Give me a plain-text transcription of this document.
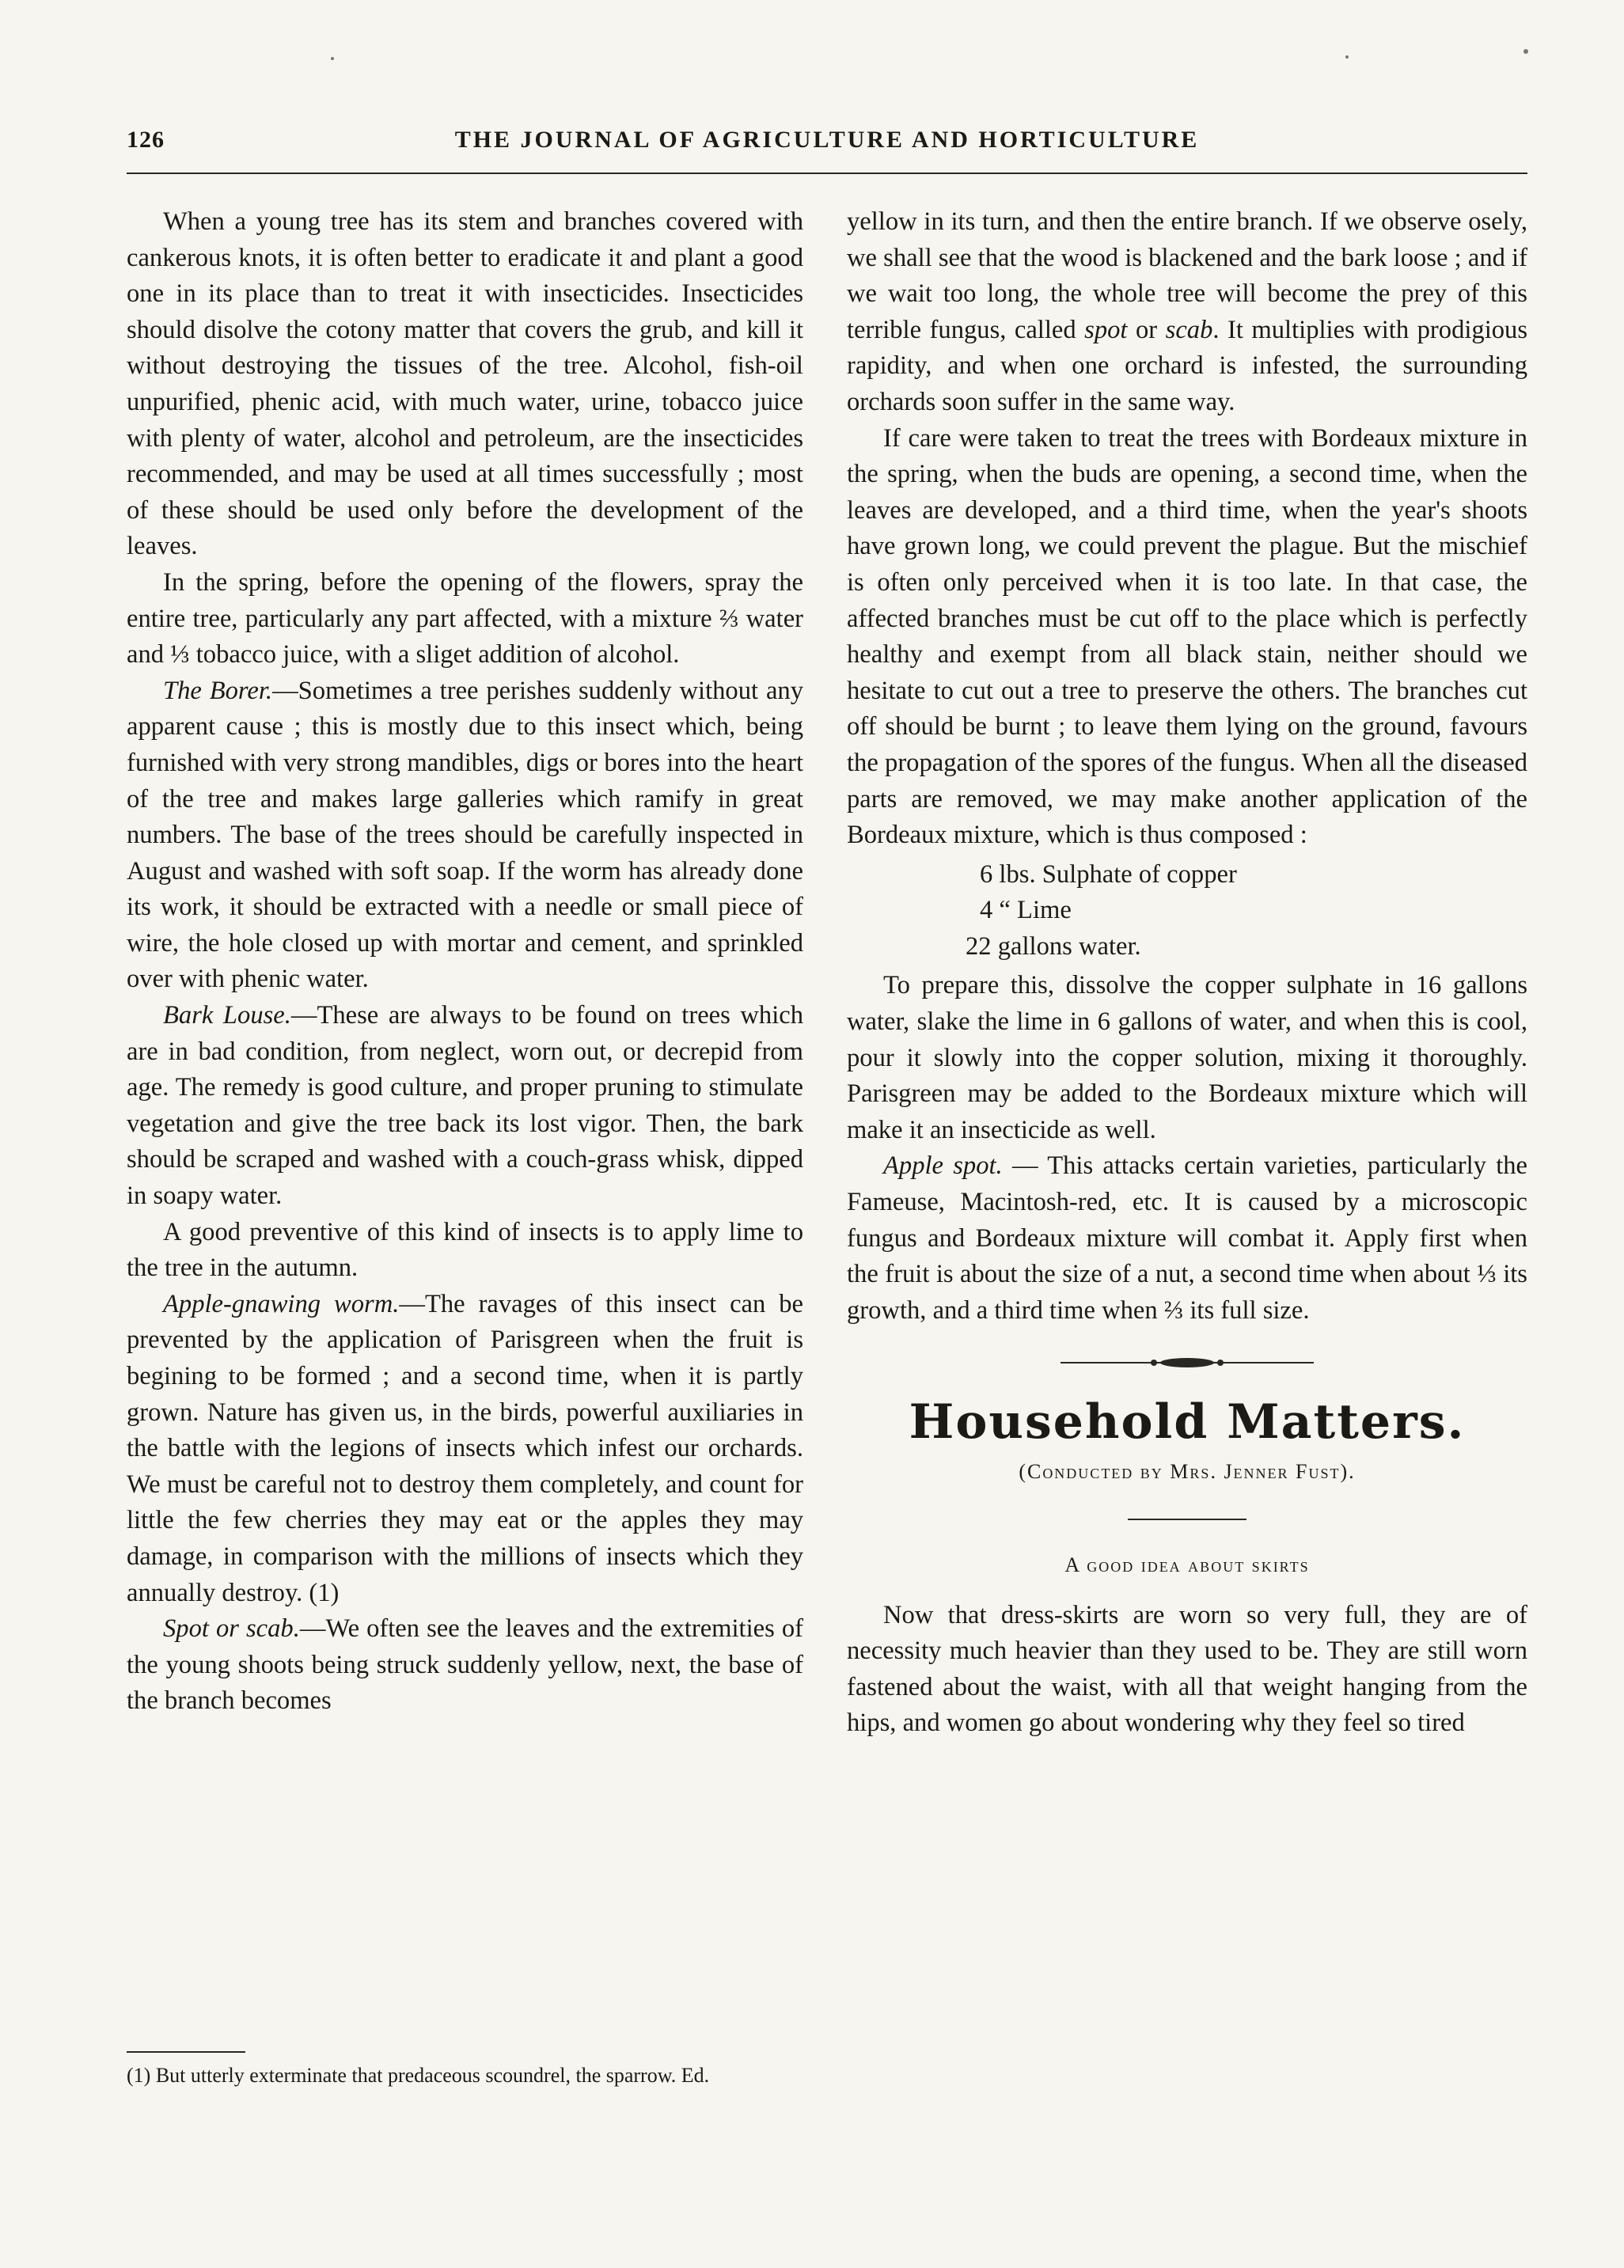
126	THE JOURNAL OF AGRICULTURE AND HORTICULTURE

When a young tree has its stem and branches covered with cankerous knots, it is often better to eradicate it and plant a good one in its place than to treat it with insecticides. Insecticides should disolve the cotony matter that covers the grub, and kill it without destroying the tissues of the tree. Alcohol, fish-oil unpurified, phenic acid, with much water, urine, tobacco juice with plenty of water, alcohol and petroleum, are the insecticides recommended, and may be used at all times successfully ; most of these should be used only before the development of the leaves.

In the spring, before the opening of the flowers, spray the entire tree, particularly any part affected, with a mixture ⅔ water and ⅓ tobacco juice, with a sliget addition of alcohol.

The Borer.—Sometimes a tree perishes suddenly without any apparent cause ; this is mostly due to this insect which, being furnished with very strong mandibles, digs or bores into the heart of the tree and makes large galleries which ramify in great numbers. The base of the trees should be carefully inspected in August and washed with soft soap. If the worm has already done its work, it should be extracted with a needle or small piece of wire, the hole closed up with mortar and cement, and sprinkled over with phenic water.

Bark Louse.—These are always to be found on trees which are in bad condition, from neglect, worn out, or decrepid from age. The remedy is good culture, and proper pruning to stimulate vegetation and give the tree back its lost vigor. Then, the bark should be scraped and washed with a couch-grass whisk, dipped in soapy water.

A good preventive of this kind of insects is to apply lime to the tree in the autumn.

Apple-gnawing worm.—The ravages of this insect can be prevented by the application of Parisgreen when the fruit is begining to be formed ; and a second time, when it is partly grown. Nature has given us, in the birds, powerful auxiliaries in the battle with the legions of insects which infest our orchards. We must be careful not to destroy them completely, and count for little the few cherries they may eat or the apples they may damage, in comparison with the millions of insects which they annually destroy. (1)

Spot or scab.—We often see the leaves and the extremities of the young shoots being struck suddenly yellow, next, the base of the branch becomes

(1) But utterly exterminate that predaceous scoundrel, the sparrow. Ed.

yellow in its turn, and then the entire branch. If we observe osely, we shall see that the wood is blackened and the bark loose ; and if we wait too long, the whole tree will become the prey of this terrible fungus, called spot or scab. It multiplies with prodigious rapidity, and when one orchard is infested, the surrounding orchards soon suffer in the same way.

If care were taken to treat the trees with Bordeaux mixture in the spring, when the buds are opening, a second time, when the leaves are developed, and a third time, when the year's shoots have grown long, we could prevent the plague. But the mischief is often only perceived when it is too late. In that case, the affected branches must be cut off to the place which is perfectly healthy and exempt from all black stain, neither should we hesitate to cut out a tree to preserve the others. The branches cut off should be burnt ; to leave them lying on the ground, favours the propagation of the spores of the fungus. When all the diseased parts are removed, we may make another application of the Bordeaux mixture, which is thus composed :

6 lbs. Sulphate of copper
4 “ Lime
22 gallons water.

To prepare this, dissolve the copper sulphate in 16 gallons water, slake the lime in 6 gallons of water, and when this is cool, pour it slowly into the copper solution, mixing it thoroughly. Parisgreen may be added to the Bordeaux mixture which will make it an insecticide as well.

Apple spot. — This attacks certain varieties, particularly the Fameuse, Macintosh-red, etc. It is caused by a microscopic fungus and Bordeaux mixture will combat it. Apply first when the fruit is about the size of a nut, a second time when about ⅓ its growth, and a third time when ⅔ its full size.

Household Matters.

(Conducted by Mrs. Jenner Fust).

A good idea about skirts

Now that dress-skirts are worn so very full, they are of necessity much heavier than they used to be. They are still worn fastened about the waist, with all that weight hanging from the hips, and women go about wondering why they feel so tired
